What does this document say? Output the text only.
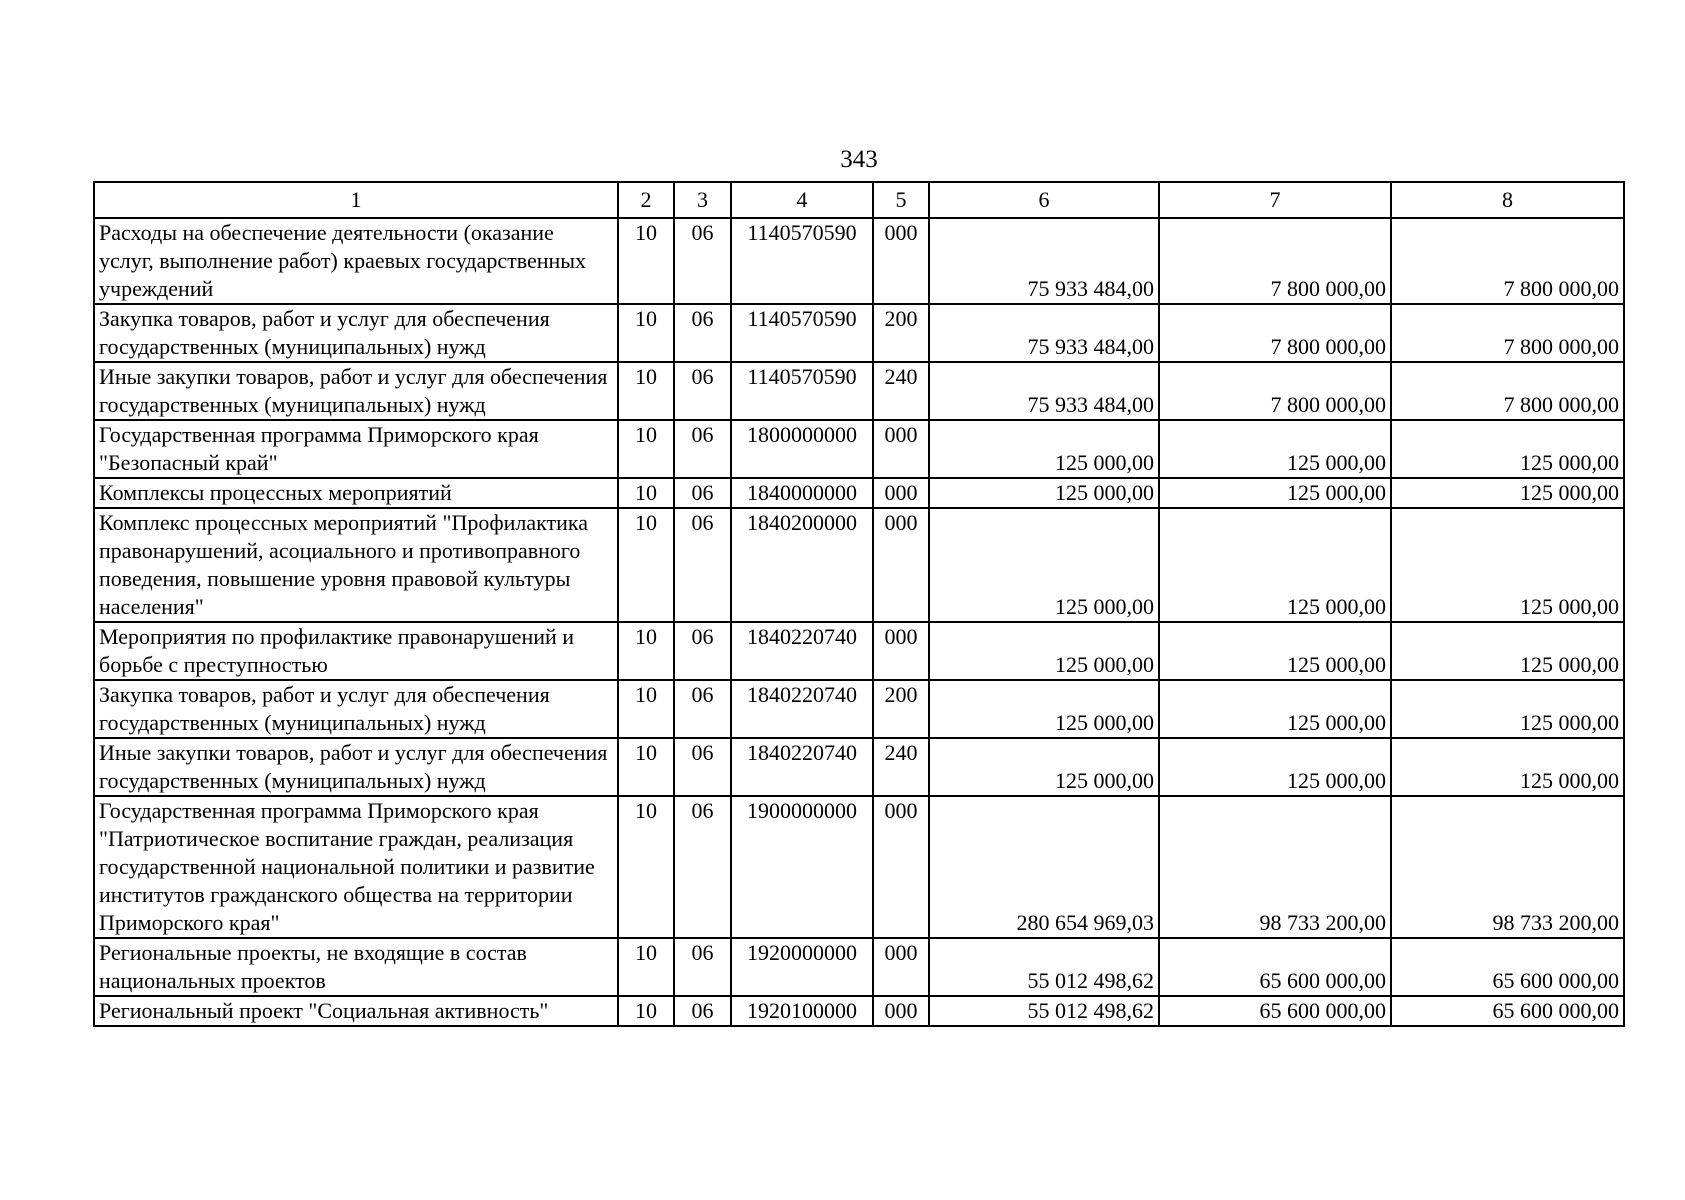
343
1	2	3	4	5	6	7	8
Расходы на обеспечение деятельности (оказание услуг, выполнение работ) краевых государственных учреждений	10	06	1140570590	000	75 933 484,00	7 800 000,00	7 800 000,00
Закупка товаров, работ и услуг для обеспечения государственных (муниципальных) нужд	10	06	1140570590	200	75 933 484,00	7 800 000,00	7 800 000,00
Иные закупки товаров, работ и услуг для обеспечения государственных (муниципальных) нужд	10	06	1140570590	240	75 933 484,00	7 800 000,00	7 800 000,00
Государственная программа Приморского края "Безопасный край"	10	06	1800000000	000	125 000,00	125 000,00	125 000,00
Комплексы процессных мероприятий	10	06	1840000000	000	125 000,00	125 000,00	125 000,00
Комплекс процессных мероприятий "Профилактика правонарушений, асоциального и противоправного поведения, повышение уровня правовой культуры населения"	10	06	1840200000	000	125 000,00	125 000,00	125 000,00
Мероприятия по профилактике правонарушений и борьбе с преступностью	10	06	1840220740	000	125 000,00	125 000,00	125 000,00
Закупка товаров, работ и услуг для обеспечения государственных (муниципальных) нужд	10	06	1840220740	200	125 000,00	125 000,00	125 000,00
Иные закупки товаров, работ и услуг для обеспечения государственных (муниципальных) нужд	10	06	1840220740	240	125 000,00	125 000,00	125 000,00
Государственная программа Приморского края "Патриотическое воспитание граждан, реализация государственной национальной политики и развитие институтов гражданского общества на территории Приморского края"	10	06	1900000000	000	280 654 969,03	98 733 200,00	98 733 200,00
Региональные проекты, не входящие в состав национальных проектов	10	06	1920000000	000	55 012 498,62	65 600 000,00	65 600 000,00
Региональный проект "Социальная активность"	10	06	1920100000	000	55 012 498,62	65 600 000,00	65 600 000,00
